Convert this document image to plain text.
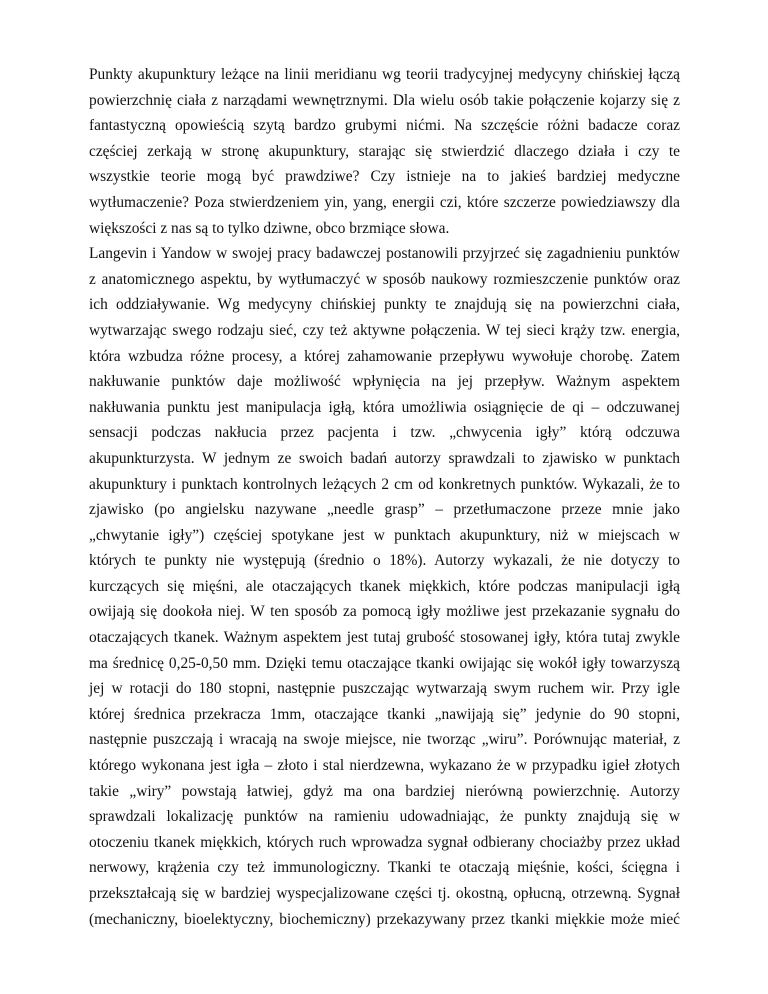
Punkty akupunktury leżące na linii meridianu wg teorii tradycyjnej medycyny chińskiej łączą
powierzchnię ciała z narządami wewnętrznymi. Dla wielu osób takie połączenie kojarzy się z
fantastyczną opowieścią szytą bardzo grubymi nićmi. Na szczęście różni badacze coraz
częściej zerkają w stronę akupunktury, starając się stwierdzić dlaczego działa i czy te
wszystkie teorie mogą być prawdziwe? Czy istnieje na to jakieś bardziej medyczne
wytłumaczenie? Poza stwierdzeniem yin, yang, energii czi, które szczerze powiedziawszy dla
większości z nas są to tylko dziwne, obco brzmiące słowa.
Langevin i Yandow w swojej pracy badawczej postanowili przyjrzeć się zagadnieniu punktów
z anatomicznego aspektu, by wytłumaczyć w sposób naukowy rozmieszczenie punktów oraz
ich oddziaływanie. Wg medycyny chińskiej punkty te znajdują się na powierzchni ciała,
wytwarzając swego rodzaju sieć, czy też aktywne połączenia. W tej sieci krąży tzw. energia,
która wzbudza różne procesy, a której zahamowanie przepływu wywołuje chorobę. Zatem
nakłuwanie punktów daje możliwość wpłynięcia na jej przepływ. Ważnym aspektem
nakłuwania punktu jest manipulacja igłą, która umożliwia osiągnięcie de qi – odczuwanej
sensacji podczas nakłucia przez pacjenta i tzw. „chwycenia igły” którą odczuwa
akupunkturzysta. W jednym ze swoich badań autorzy sprawdzali to zjawisko w punktach
akupunktury i punktach kontrolnych leżących 2 cm od konkretnych punktów. Wykazali, że to
zjawisko (po angielsku nazywane „needle grasp” – przetłumaczone przeze mnie jako
„chwytanie igły”) częściej spotykane jest w punktach akupunktury, niż w miejscach w
których te punkty nie występują (średnio o 18%). Autorzy wykazali, że nie dotyczy to
kurczących się mięśni, ale otaczających tkanek miękkich, które podczas manipulacji igłą
owijają się dookoła niej. W ten sposób za pomocą igły możliwe jest przekazanie sygnału do
otaczających tkanek. Ważnym aspektem jest tutaj grubość stosowanej igły, która tutaj zwykle
ma średnicę 0,25-0,50 mm. Dzięki temu otaczające tkanki owijając się wokół igły towarzyszą
jej w rotacji do 180 stopni, następnie puszczając wytwarzają swym ruchem wir. Przy igle
której średnica przekracza 1mm, otaczające tkanki „nawijają się” jedynie do 90 stopni,
następnie puszczają i wracają na swoje miejsce, nie tworząc „wiru”. Porównując materiał, z
którego wykonana jest igła – złoto i stal nierdzewna, wykazano że w przypadku igieł złotych
takie „wiry” powstają łatwiej, gdyż ma ona bardziej nierówną powierzchnię. Autorzy
sprawdzali lokalizację punktów na ramieniu udowadniając, że punkty znajdują się w
otoczeniu tkanek miękkich, których ruch wprowadza sygnał odbierany chociażby przez układ
nerwowy, krążenia czy też immunologiczny. Tkanki te otaczają mięśnie, kości, ścięgna i
przekształcają się w bardziej wyspecjalizowane części tj. okostną, opłucną, otrzewną. Sygnał
(mechaniczny, bioelektyczny, biochemiczny) przekazywany przez tkanki miękkie może mieć
